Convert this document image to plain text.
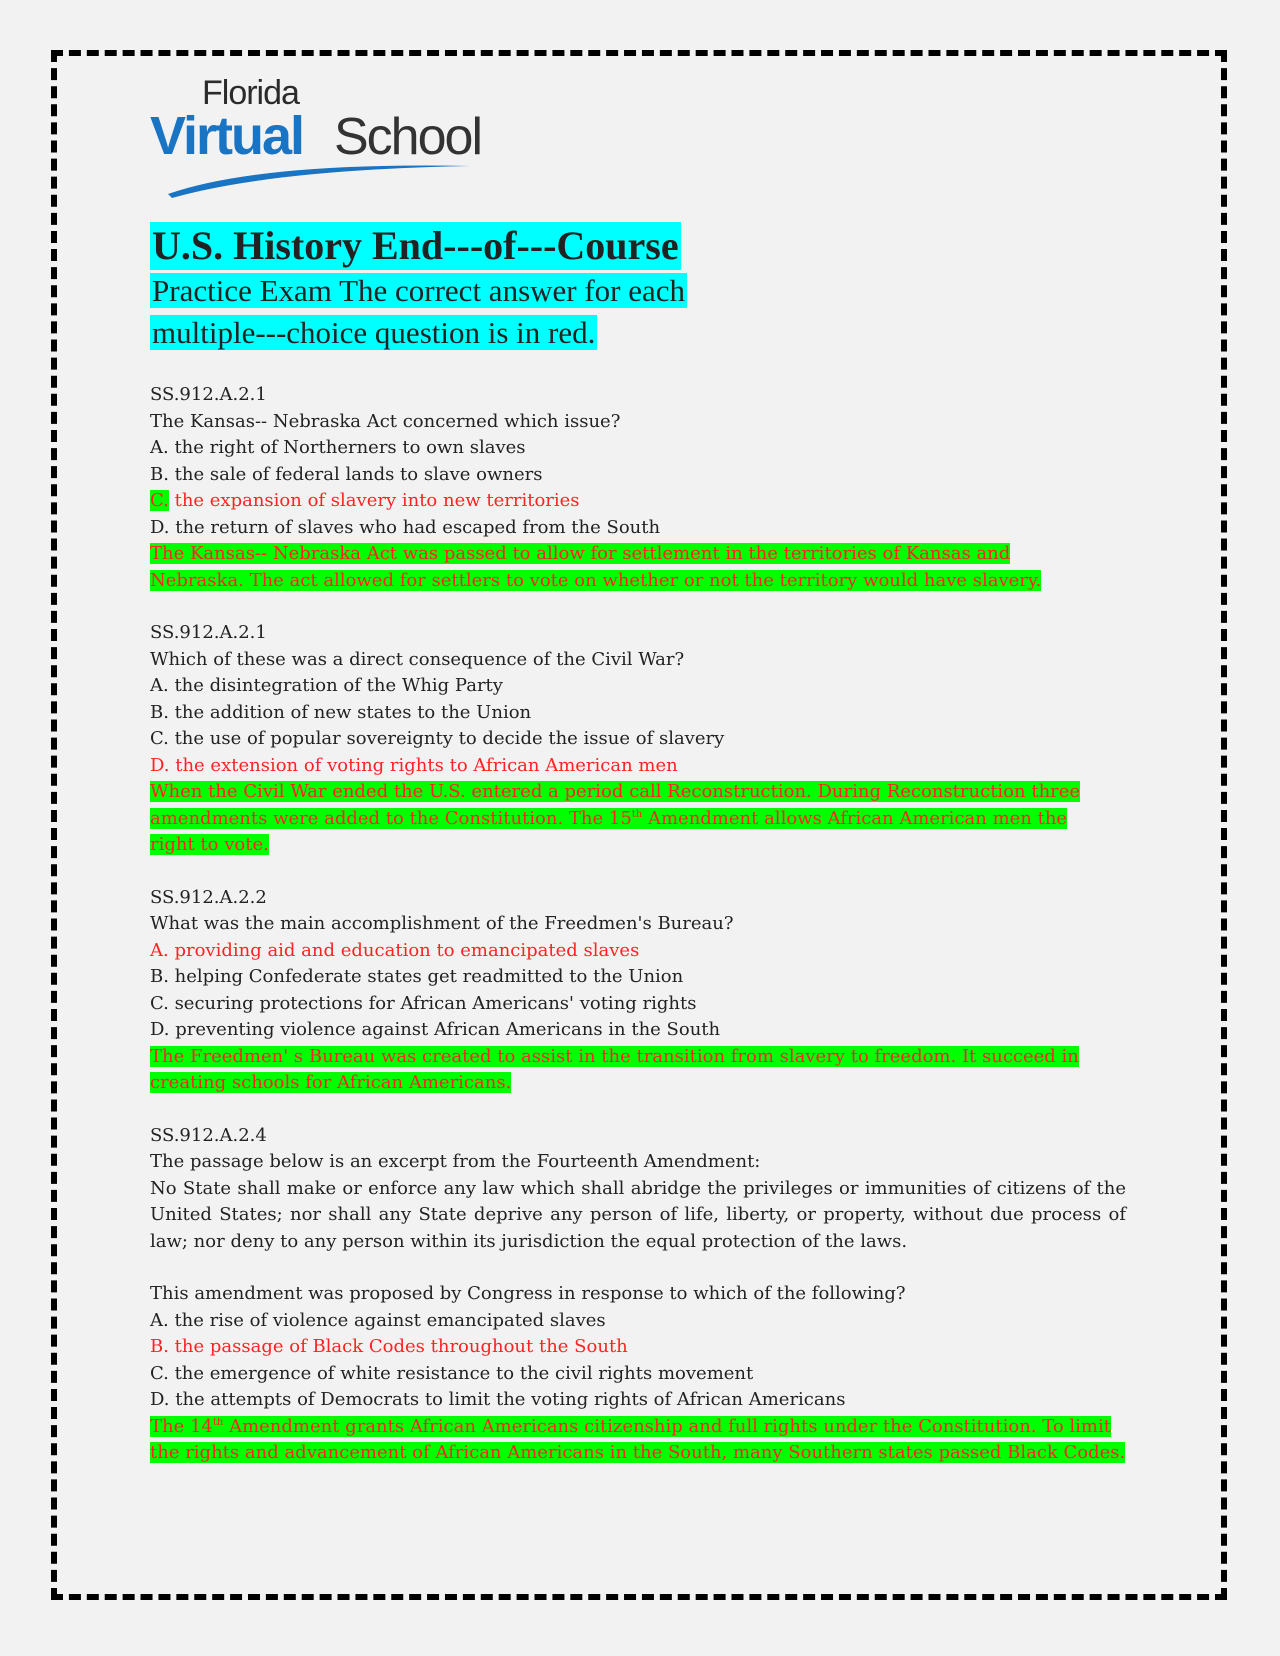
Florida
Virtual School
U.S. History End---of---Course
Practice Exam The correct answer for each
multiple---choice question is in red.
SS.912.A.2.1
The Kansas-- Nebraska Act concerned which issue?
A. the right of Northerners to own slaves
B. the sale of federal lands to slave owners
C. the expansion of slavery into new territories
D. the return of slaves who had escaped from the South
The Kansas-- Nebraska Act was passed to allow for settlement in the territories of Kansas and Nebraska. The act allowed for settlers to vote on whether or not the territory would have slavery.
SS.912.A.2.1
Which of these was a direct consequence of the Civil War?
A. the disintegration of the Whig Party
B. the addition of new states to the Union
C. the use of popular sovereignty to decide the issue of slavery
D. the extension of voting rights to African American men
When the Civil War ended the U.S. entered a period call Reconstruction. During Reconstruction three amendments were added to the Constitution. The 15th Amendment allows African American men the right to vote.
SS.912.A.2.2
What was the main accomplishment of the Freedmen's Bureau?
A. providing aid and education to emancipated slaves
B. helping Confederate states get readmitted to the Union
C. securing protections for African Americans' voting rights
D. preventing violence against African Americans in the South
The Freedmen' s Bureau was created to assist in the transition from slavery to freedom. It succeed in creating schools for African Americans.
SS.912.A.2.4
The passage below is an excerpt from the Fourteenth Amendment:
No State shall make or enforce any law which shall abridge the privileges or immunities of citizens of the United States; nor shall any State deprive any person of life, liberty, or property, without due process of law; nor deny to any person within its jurisdiction the equal protection of the laws.
This amendment was proposed by Congress in response to which of the following?
A. the rise of violence against emancipated slaves
B. the passage of Black Codes throughout the South
C. the emergence of white resistance to the civil rights movement
D. the attempts of Democrats to limit the voting rights of African Americans
The 14th Amendment grants African Americans citizenship and full rights under the Constitution. To limit the rights and advancement of African Americans in the South, many Southern states passed Black Codes.
